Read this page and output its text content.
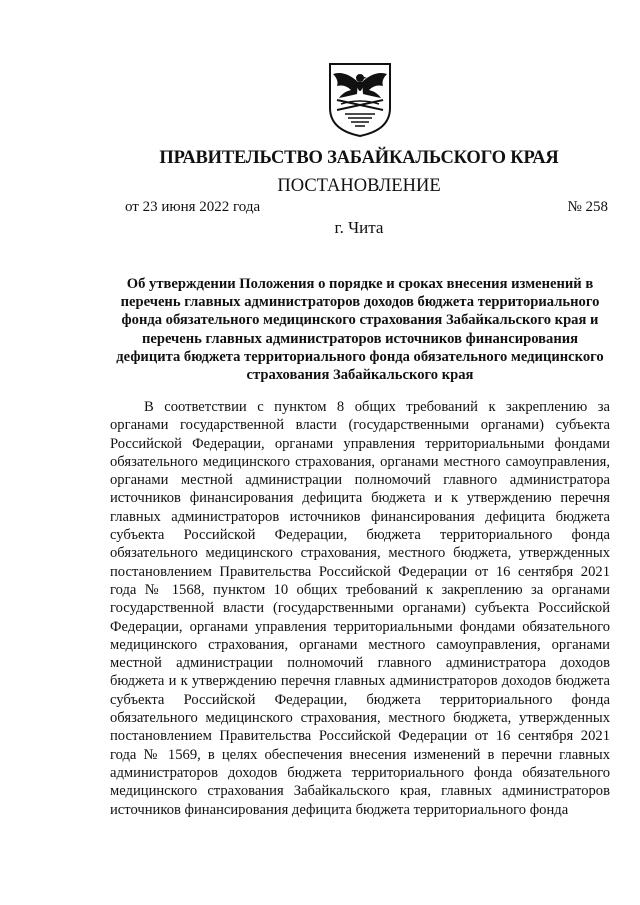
ПРАВИТЕЛЬСТВО ЗАБАЙКАЛЬСКОГО КРАЯ
ПОСТАНОВЛЕНИЕ
от 23 июня 2022 года	№ 258
г. Чита
Об утверждении Положения о порядке и сроках внесения изменений в перечень главных администраторов доходов бюджета территориального фонда обязательного медицинского страхования Забайкальского края и перечень главных администраторов источников финансирования дефицита бюджета территориального фонда обязательного медицинского страхования Забайкальского края

В соответствии с пунктом 8 общих требований к закреплению за органами государственной власти (государственными органами) субъекта Российской Федерации, органами управления территориальными фондами обязательного медицинского страхования, органами местного самоуправления, органами местной администрации полномочий главного администратора источников финансирования дефицита бюджета и к утверждению перечня главных администраторов источников финансирования дефицита бюджета субъекта Российской Федерации, бюджета территориального фонда обязательного медицинского страхования, местного бюджета, утвержденных постановлением Правительства Российской Федерации от 16 сентября 2021 года № 1568, пунктом 10 общих требований к закреплению за органами государственной власти (государственными органами) субъекта Российской Федерации, органами управления территориальными фондами обязательного медицинского страхования, органами местного самоуправления, органами местной администрации полномочий главного администратора доходов бюджета и к утверждению перечня главных администраторов доходов бюджета субъекта Российской Федерации, бюджета территориального фонда обязательного медицинского страхования, местного бюджета, утвержденных постановлением Правительства Российской Федерации от 16 сентября 2021 года № 1569, в целях обеспечения внесения изменений в перечни главных администраторов доходов бюджета территориального фонда обязательного медицинского страхования Забайкальского края, главных администраторов источников финансирования дефицита бюджета территориального фонда
